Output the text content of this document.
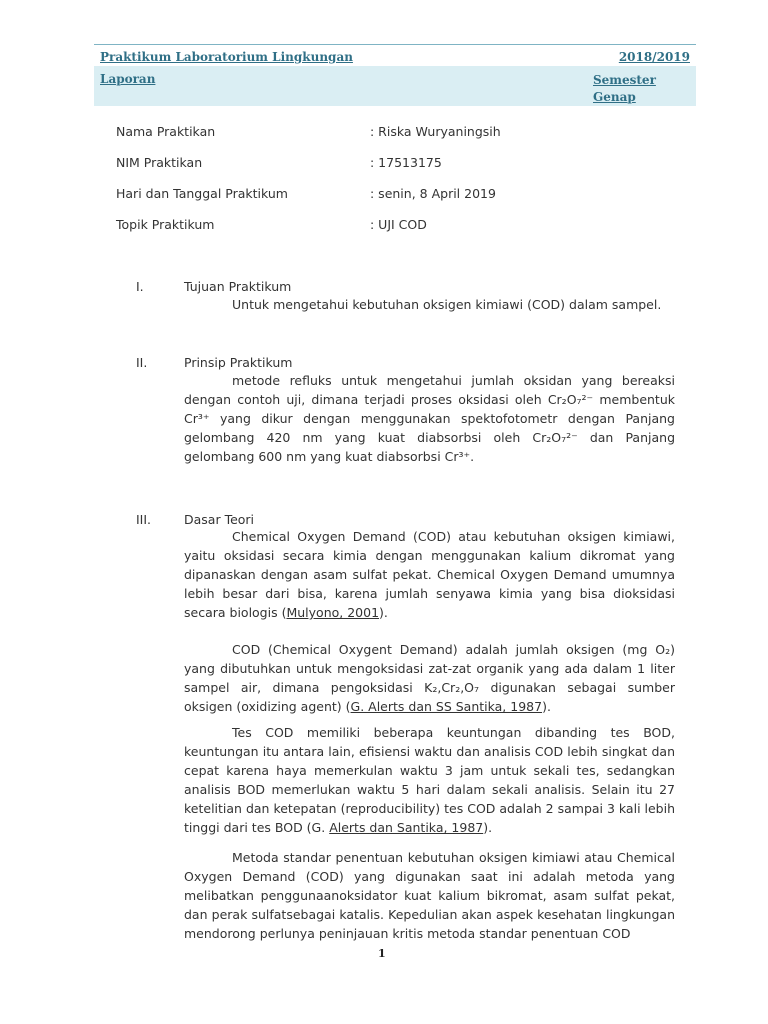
Praktikum Laboratorium Lingkungan	2018/2019
Laporan	Semester Genap
Nama Praktikan	: Riska Wuryaningsih
NIM Praktikan	: 17513175
Hari dan Tanggal Praktikum	: senin, 8 April 2019
Topik Praktikum	: UJI COD
I.	Tujuan Praktikum

Untuk mengetahui kebutuhan oksigen kimiawi (COD) dalam sampel.

II.	Prinsip Praktikum

metode refluks untuk mengetahui jumlah oksidan yang bereaksi dengan contoh uji, dimana terjadi proses oksidasi oleh Cr₂O₇²⁻ membentuk Cr³⁺ yang dikur dengan menggunakan spektofotometr dengan Panjang gelombang 420 nm yang kuat diabsorbsi oleh Cr₂O₇²⁻ dan Panjang gelombang 600 nm yang kuat diabsorbsi Cr³⁺.

III.	Dasar Teori

Chemical Oxygen Demand (COD) atau kebutuhan oksigen kimiawi, yaitu oksidasi secara kimia dengan menggunakan kalium dikromat yang dipanaskan dengan asam sulfat pekat. Chemical Oxygen Demand umumnya lebih besar dari bisa, karena jumlah senyawa kimia yang bisa dioksidasi secara biologis (Mulyono, 2001).

COD (Chemical Oxygent Demand) adalah jumlah oksigen (mg O₂) yang dibutuhkan untuk mengoksidasi zat-zat organik yang ada dalam 1 liter sampel air, dimana pengoksidasi K₂,Cr₂,O₇ digunakan sebagai sumber oksigen (oxidizing agent) (G. Alerts dan SS Santika, 1987).

Tes COD memiliki beberapa keuntungan dibanding tes BOD, keuntungan itu antara lain, efisiensi waktu dan analisis COD lebih singkat dan cepat karena haya memerkulan waktu 3 jam untuk sekali tes, sedangkan analisis BOD memerlukan waktu 5 hari dalam sekali analisis. Selain itu 27 ketelitian dan ketepatan (reproducibility) tes COD adalah 2 sampai 3 kali lebih tinggi dari tes BOD (G. Alerts dan Santika, 1987).

Metoda standar penentuan kebutuhan oksigen kimiawi atau Chemical Oxygen Demand (COD) yang digunakan saat ini adalah metoda yang melibatkan penggunaanoksidator kuat kalium bikromat, asam sulfat pekat, dan perak sulfatsebagai katalis. Kepedulian akan aspek kesehatan lingkungan mendorong perlunya peninjauan kritis metoda standar penentuan COD

1
